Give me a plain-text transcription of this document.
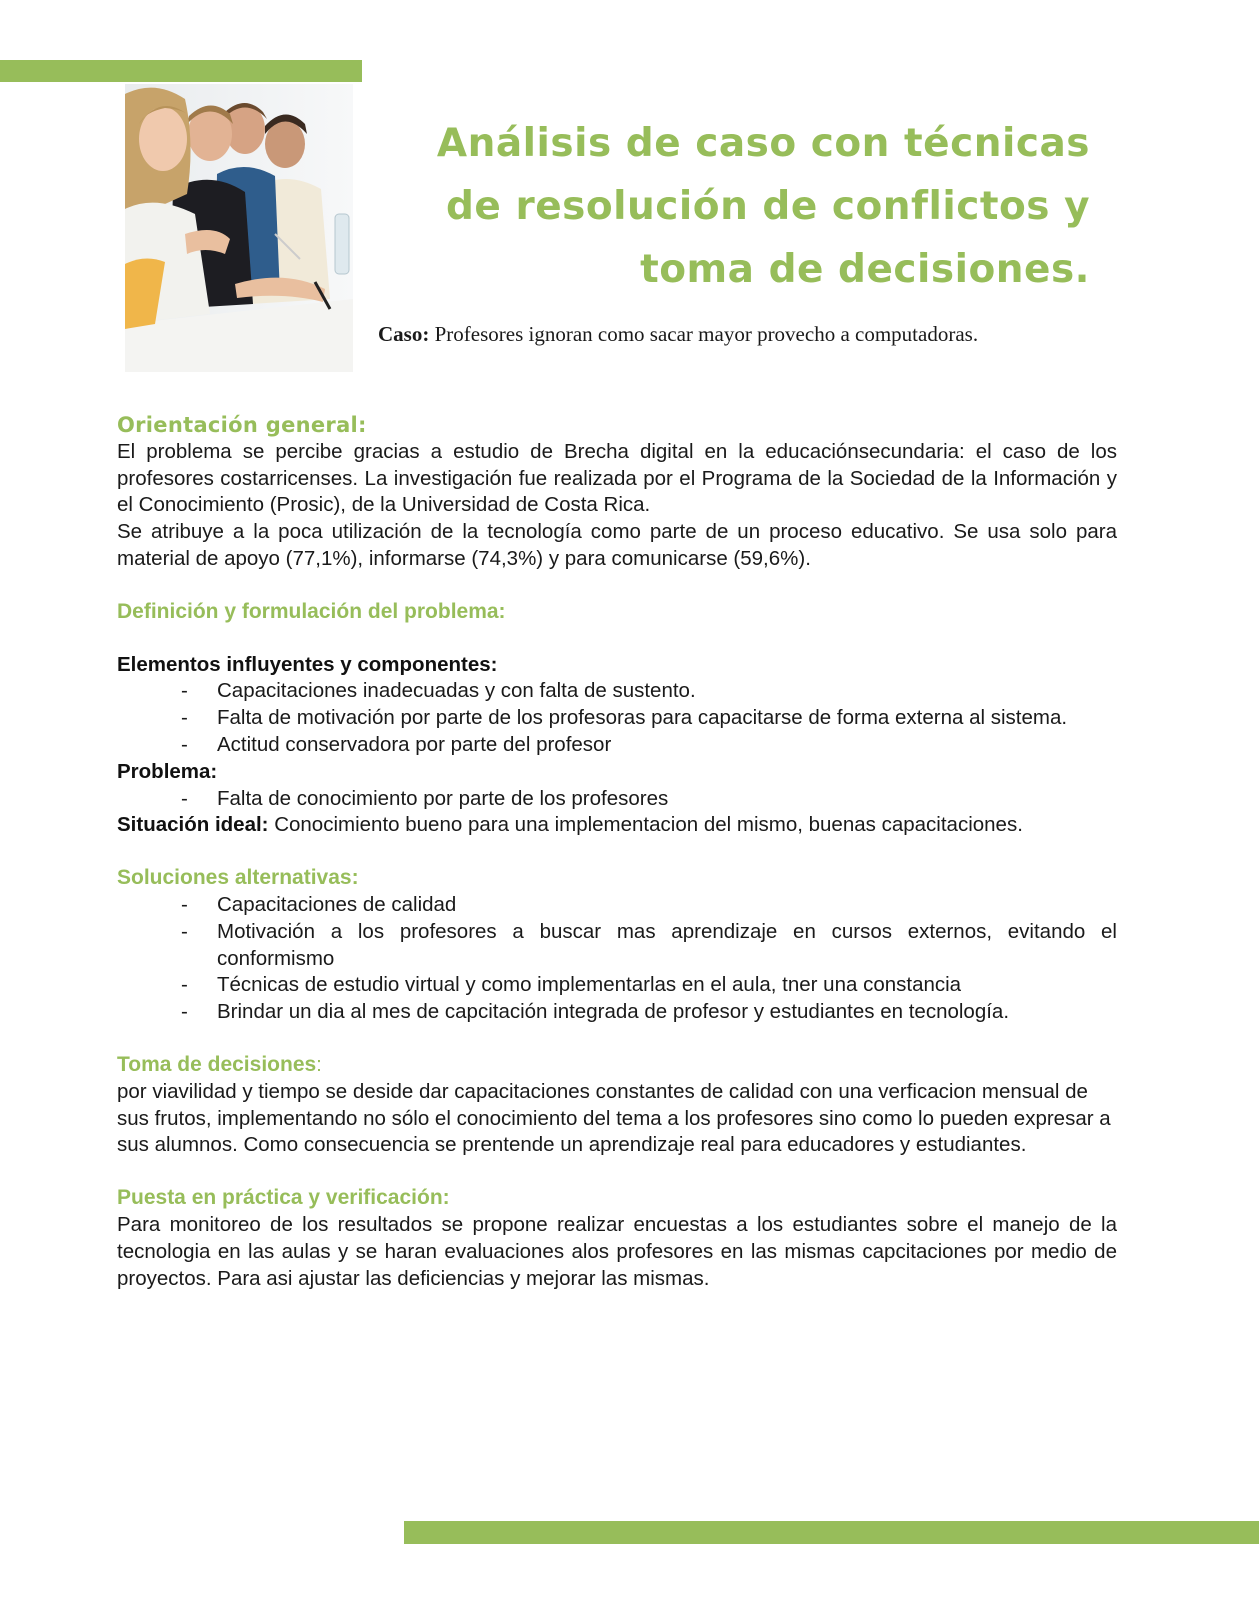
Análisis de caso con técnicas de resolución de conflictos y toma de decisiones.
Caso: Profesores ignoran como sacar mayor provecho a computadoras.
Orientación general:
El problema se percibe gracias a estudio de Brecha digital en la educaciónsecundaria: el caso de los profesores costarricenses. La investigación fue realizada por el Programa de la Sociedad de la Información y el Conocimiento (Prosic), de la Universidad de Costa Rica.
Se atribuye a la poca utilización de la tecnología como parte de un proceso educativo. Se usa solo para material de apoyo (77,1%), informarse (74,3%) y para comunicarse (59,6%).
Definición y formulación del problema:
Elementos influyentes y componentes:
- Capacitaciones inadecuadas y con falta de sustento.
- Falta de motivación por parte de los profesoras para capacitarse de forma externa al sistema.
- Actitud conservadora por parte del profesor
Problema:
- Falta de conocimiento por parte de los profesores
Situación ideal: Conocimiento bueno para una implementacion del mismo, buenas capacitaciones.
Soluciones alternativas:
- Capacitaciones de calidad
- Motivación a los profesores a buscar mas aprendizaje en cursos externos, evitando el conformismo
- Técnicas de estudio virtual y como implementarlas en el aula, tner una constancia
- Brindar un dia al mes de capcitación integrada de profesor y estudiantes en tecnología.
Toma de decisiones:
por viavilidad y tiempo se deside dar capacitaciones constantes de calidad con una verficacion mensual de sus frutos, implementando no sólo el conocimiento del tema a los profesores sino como lo pueden expresar a sus alumnos. Como consecuencia se prentende un aprendizaje real para educadores y estudiantes.
Puesta en práctica y verificación:
Para monitoreo de los resultados se propone realizar encuestas a los estudiantes sobre el manejo de la tecnologia en las aulas y se haran evaluaciones alos profesores en las mismas capcitaciones por medio de proyectos. Para asi ajustar las deficiencias y mejorar las mismas.
